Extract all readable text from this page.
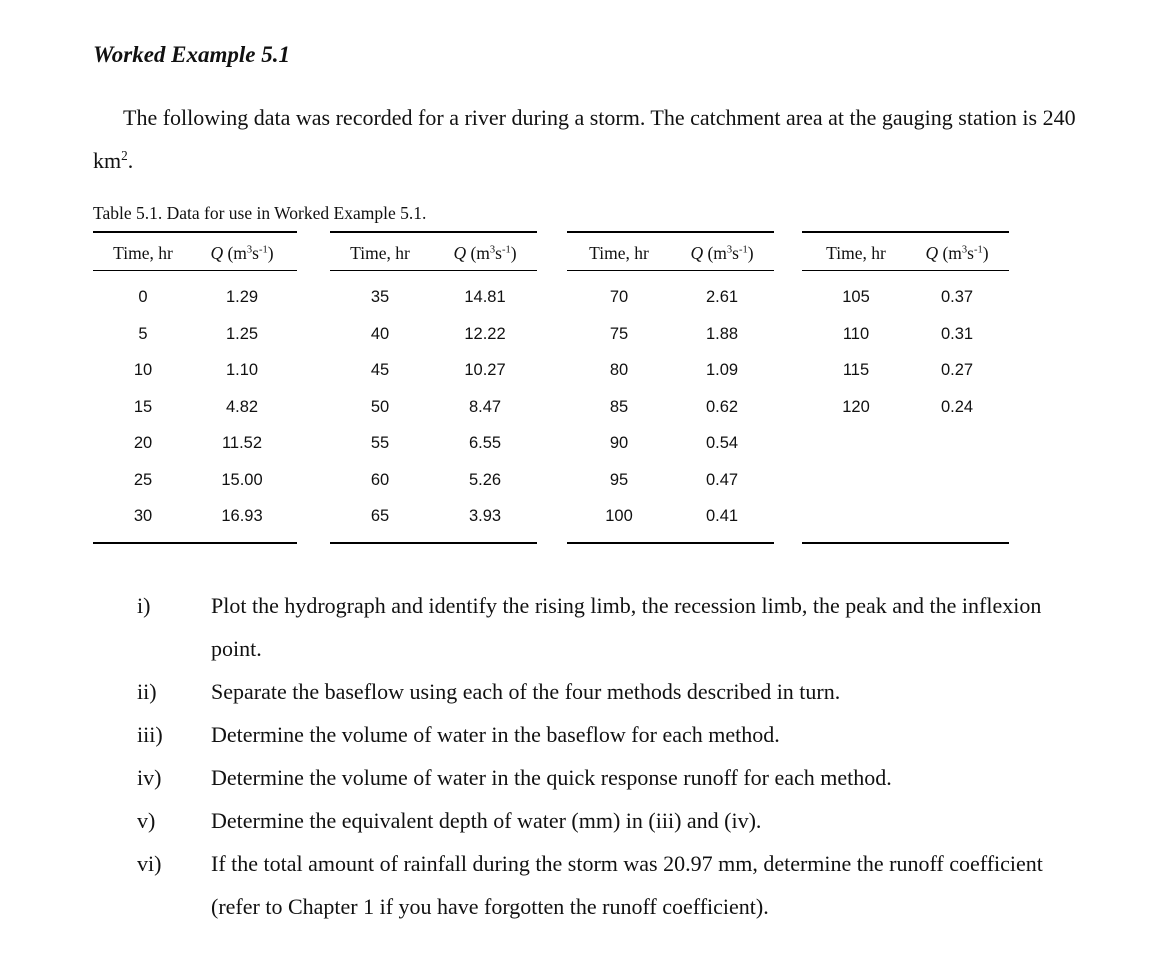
Worked Example 5.1
The following data was recorded for a river during a storm. The catchment area at the gauging station is 240 $km^2$.
Table 5.1. Data for use in Worked Example 5.1.
Time, hr Q $(m^3s^{-1})$
0	1.29
5	1.25
10	1.10
15	4.82
20	11.52
25	15.00
30	16.93
Time, hr Q $(m^3s^{-1})$
35	14.81
40	12.22
45	10.27
50	8.47
55	6.55
60	5.26
65	3.93
Time, hr Q $(m^3s^{-1})$
70	2.61
75	1.88
80	1.09
85	0.62
90	0.54
95	0.47
100	0.41
Time, hr Q $(m^3s^{-1})$
105	0.37
110	0.31
115	0.27
120	0.24
i)	Plot the hydrograph and identify the rising limb, the recession limb, the peak and the inflexion point.
ii) Separate the baseflow using each of the four methods described in turn.
iii) Determine the volume of water in the baseflow for each method.
iv) Determine the volume of water in the quick response runoff for each method.
v)	Determine the equivalent depth of water (mm) in (iii) and (iv).
vi) If the total amount of rainfall during the storm was 20.97 mm, determine the runoff coefficient (refer to Chapter 1 if you have forgotten the runoff coefficient).
